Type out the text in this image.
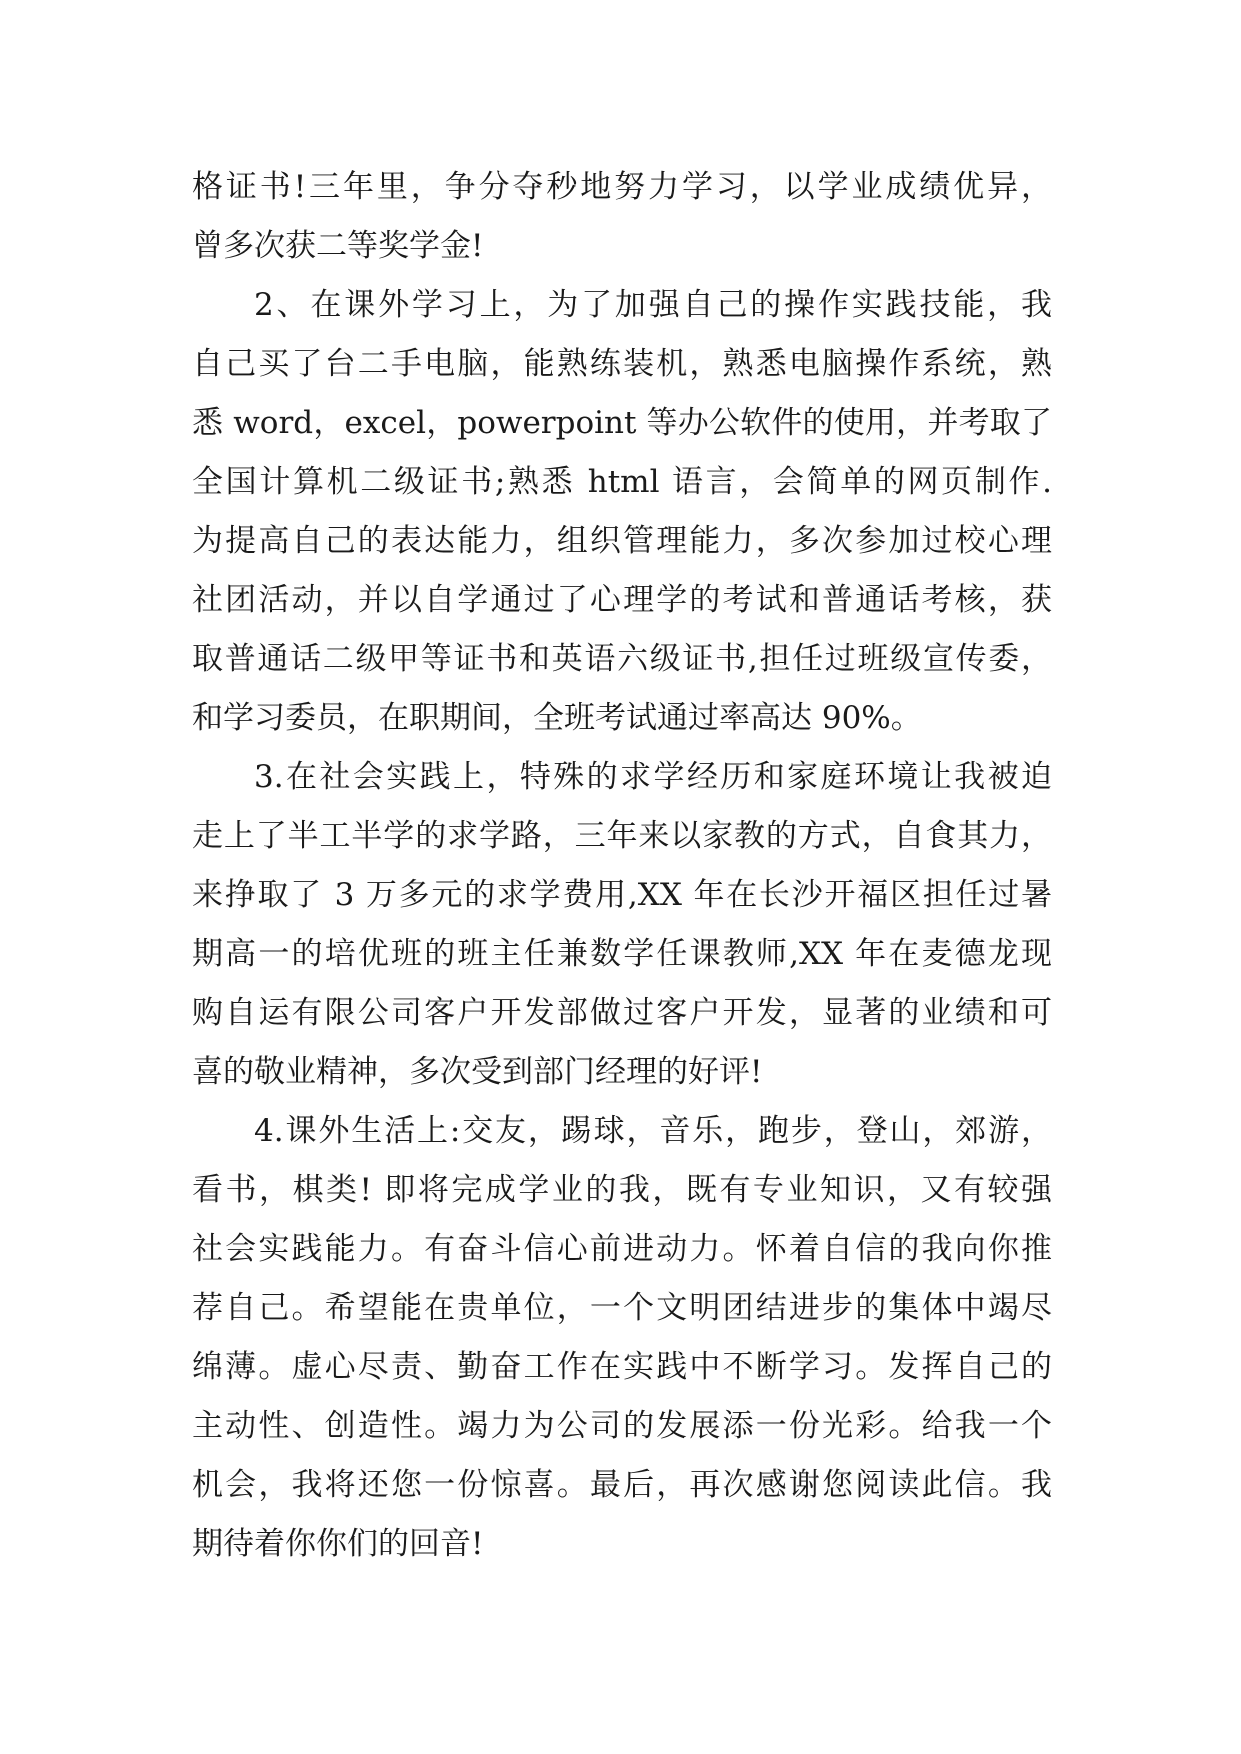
格证书!三年里，争分夺秒地努力学习，以学业成绩优异，
曾多次获二等奖学金!
2、在课外学习上，为了加强自己的操作实践技能，我
自己买了台二手电脑，能熟练装机，熟悉电脑操作系统，熟
悉 word，excel，powerpoint 等办公软件的使用，并考取了
全国计算机二级证书;熟悉 html 语言，会简单的网页制作.
为提高自己的表达能力，组织管理能力，多次参加过校心理
社团活动，并以自学通过了心理学的考试和普通话考核，获
取普通话二级甲等证书和英语六级证书,担任过班级宣传委，
和学习委员，在职期间，全班考试通过率高达 90%。
3.在社会实践上，特殊的求学经历和家庭环境让我被迫
走上了半工半学的求学路，三年来以家教的方式，自食其力，
来挣取了 3 万多元的求学费用,XX 年在长沙开福区担任过暑
期高一的培优班的班主任兼数学任课教师,XX 年在麦德龙现
购自运有限公司客户开发部做过客户开发，显著的业绩和可
喜的敬业精神，多次受到部门经理的好评!
4.课外生活上:交友，踢球，音乐，跑步，登山，郊游，
看书，棋类! 即将完成学业的我，既有专业知识，又有较强
社会实践能力。有奋斗信心前进动力。怀着自信的我向你推
荐自己。希望能在贵单位，一个文明团结进步的集体中竭尽
绵薄。虚心尽责、勤奋工作在实践中不断学习。发挥自己的
主动性、创造性。竭力为公司的发展添一份光彩。给我一个
机会，我将还您一份惊喜。最后，再次感谢您阅读此信。我
期待着你你们的回音!
